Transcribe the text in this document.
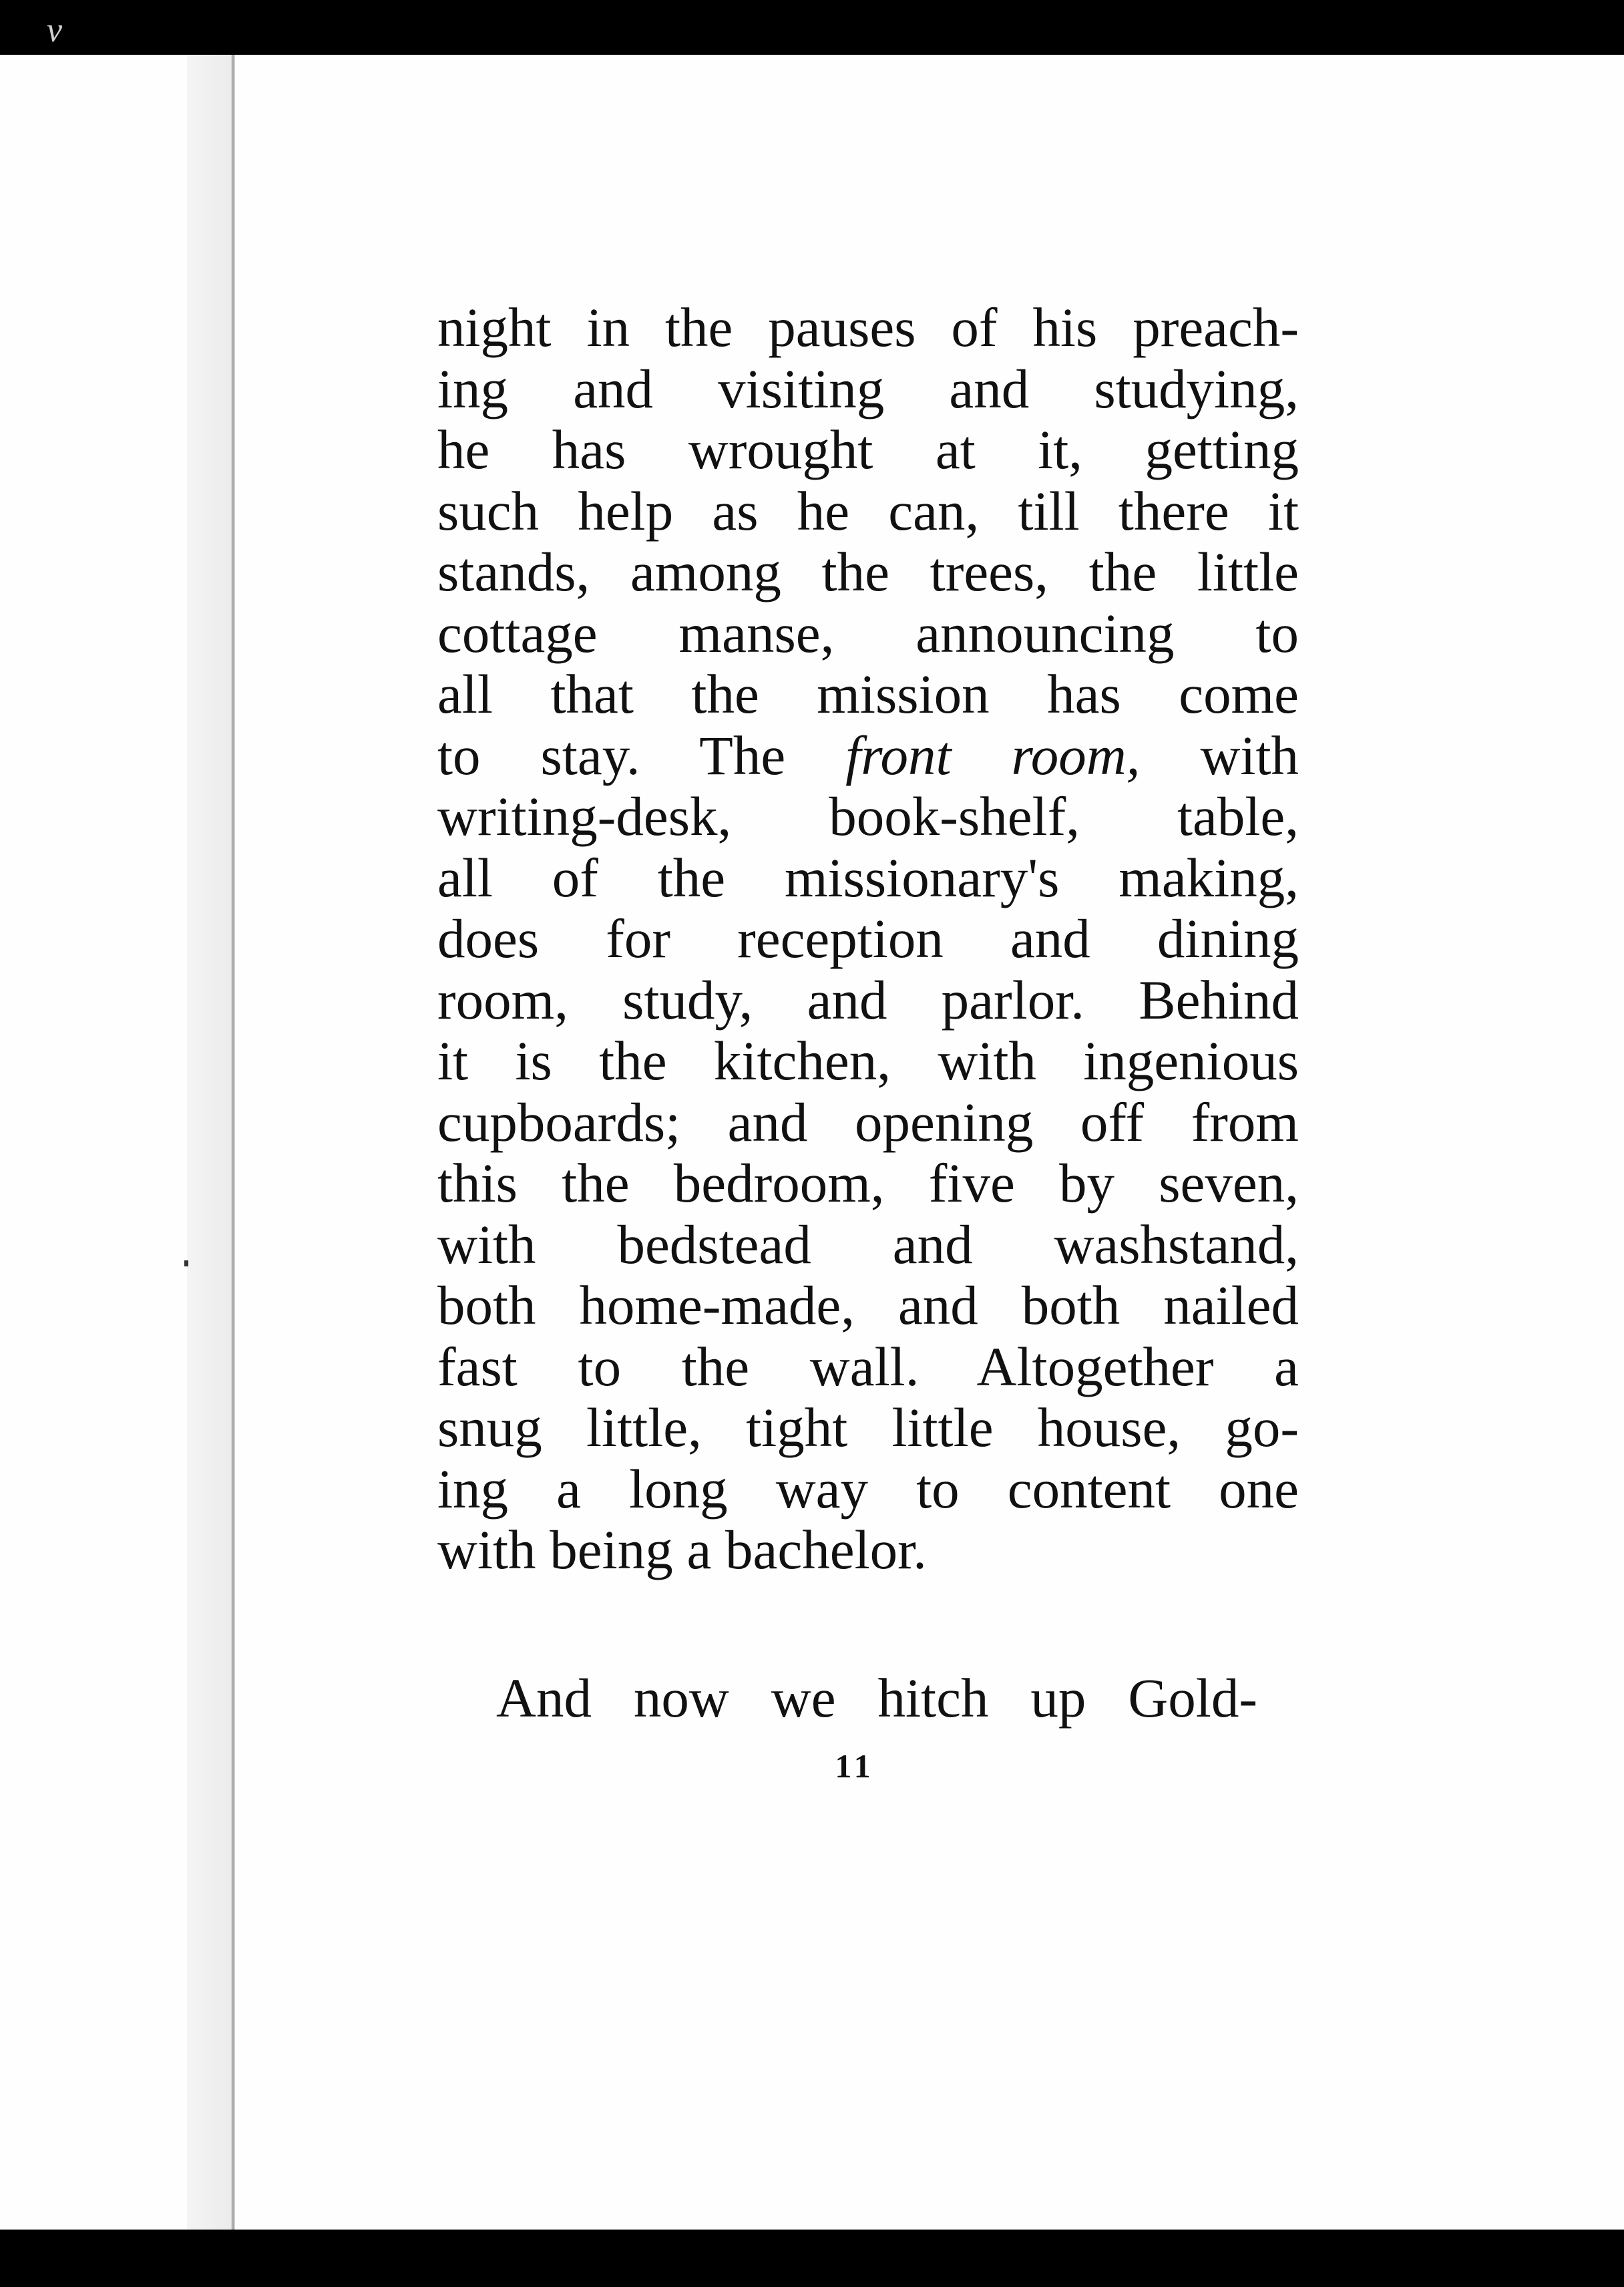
v
night in the pauses of his preach-
ing and visiting and studying,
he has wrought at it, getting
such help as he can, till there it
stands, among the trees, the little
cottage manse, announcing to
all that the mission has come
to stay. The front room, with
writing-desk, book-shelf, table,
all of the missionary's making,
does for reception and dining
room, study, and parlor. Behind
it is the kitchen, with ingenious
cupboards; and opening off from
this the bedroom, five by seven,
with bedstead and washstand,
both home-made, and both nailed
fast to the wall. Altogether a
snug little, tight little house, go-
ing a long way to content one
with being a bachelor.
And now we hitch up Gold-
11
